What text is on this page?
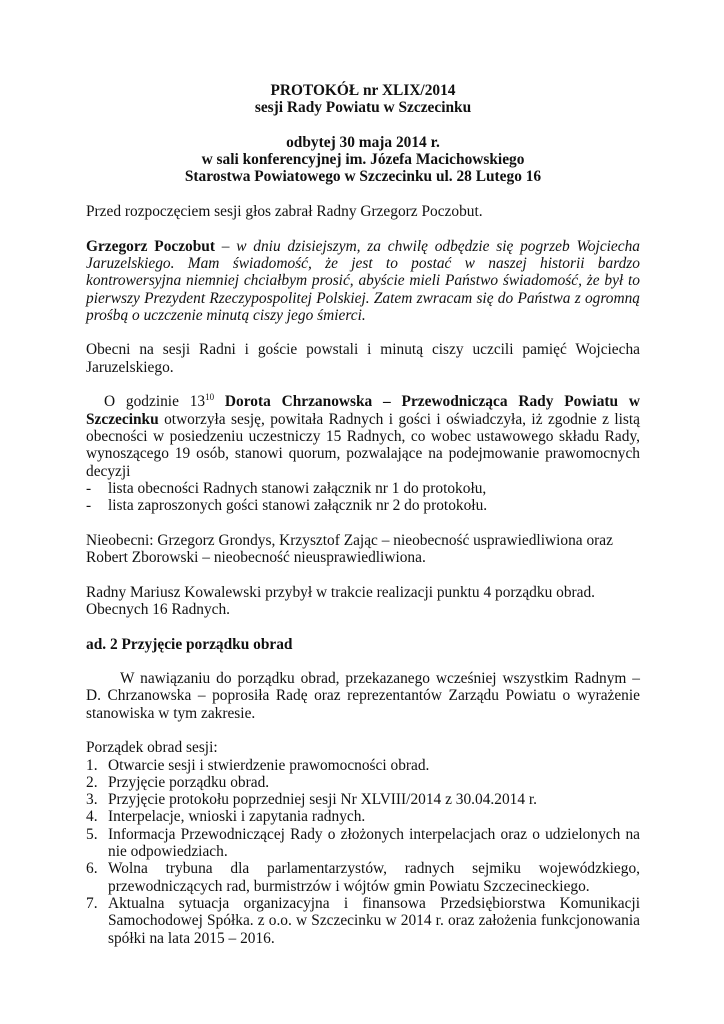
PROTOKÓŁ nr XLIX/2014

sesji Rady Powiatu w Szczecinku

odbytej 30 maja 2014 r.

w sali konferencyjnej im. Józefa Macichowskiego

Starostwa Powiatowego w Szczecinku ul. 28 Lutego 16

Przed rozpoczęciem sesji głos zabrał Radny Grzegorz Poczobut.

Grzegorz Poczobut – w dniu dzisiejszym, za chwilę odbędzie się pogrzeb Wojciecha Jaruzelskiego. Mam świadomość, że jest to postać w naszej historii bardzo kontrowersyjna niemniej chciałbym prosić, abyście mieli Państwo świadomość, że był to pierwszy Prezydent Rzeczypospolitej Polskiej. Zatem zwracam się do Państwa z ogromną prośbą o uczczenie minutą ciszy jego śmierci.

Obecni na sesji Radni i goście powstali i minutą ciszy uczcili pamięć Wojciecha Jaruzelskiego.

O godzinie $13^{10}$ Dorota Chrzanowska – Przewodnicząca Rady Powiatu w Szczecinku otworzyła sesję, powitała Radnych i gości i oświadczyła, iż zgodnie z listą obecności w posiedzeniu uczestniczy 15 Radnych, co wobec ustawowego składu Rady, wynoszącego 19 osób, stanowi quorum, pozwalające na podejmowanie prawomocnych decyzji

-	lista obecności Radnych stanowi załącznik nr 1 do protokołu,
-	lista zaproszonych gości stanowi załącznik nr 2 do protokołu.

Nieobecni: Grzegorz Grondys, Krzysztof Zając – nieobecność usprawiedliwiona oraz Robert Zborowski – nieobecność nieusprawiedliwiona.

Radny Mariusz Kowalewski przybył w trakcie realizacji punktu 4 porządku obrad. Obecnych 16 Radnych.

ad. 2 Przyjęcie porządku obrad

W nawiązaniu do porządku obrad, przekazanego wcześniej wszystkim Radnym – D. Chrzanowska – poprosiła Radę oraz reprezentantów Zarządu Powiatu o wyrażenie stanowiska w tym zakresie.

Porządek obrad sesji:

1. Otwarcie sesji i stwierdzenie prawomocności obrad.
2. Przyjęcie porządku obrad.
3. Przyjęcie protokołu poprzedniej sesji Nr XLVIII/2014 z 30.04.2014 r.
4. Interpelacje, wnioski i zapytania radnych.
5. Informacja Przewodniczącej Rady o złożonych interpelacjach oraz o udzielonych na nie odpowiedziach.
6. Wolna trybuna dla parlamentarzystów, radnych sejmiku wojewódzkiego, przewodniczących rad, burmistrzów i wójtów gmin Powiatu Szczecineckiego.
7. Aktualna sytuacja organizacyjna i finansowa Przedsiębiorstwa Komunikacji Samochodowej Spółka. z o.o. w Szczecinku w 2014 r. oraz założenia funkcjonowania spółki na lata 2015 – 2016.
